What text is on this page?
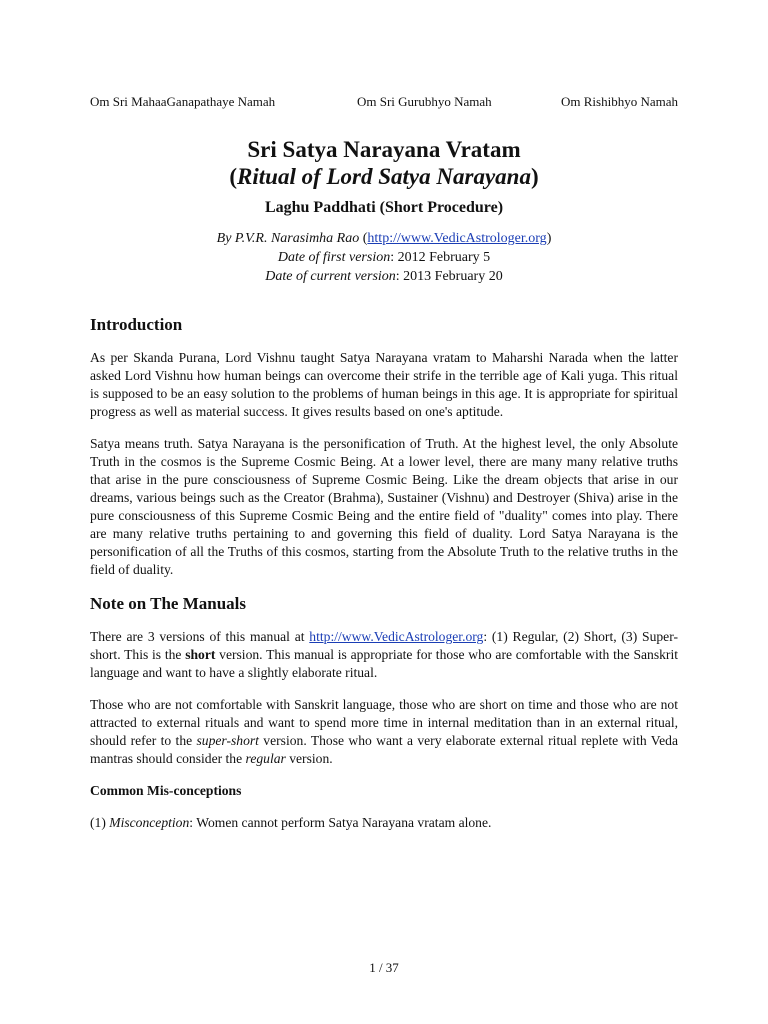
Om Sri MahaaGanapathaye Namah	Om Sri Gurubhyo Namah	Om Rishibhyo Namah
Sri Satya Narayana Vratam
(Ritual of Lord Satya Narayana)
Laghu Paddhati (Short Procedure)
By P.V.R. Narasimha Rao (http://www.VedicAstrologer.org)
Date of first version: 2012 February 5
Date of current version: 2013 February 20
Introduction

As per Skanda Purana, Lord Vishnu taught Satya Narayana vratam to Maharshi Narada when the latter asked Lord Vishnu how human beings can overcome their strife in the terrible age of Kali yuga. This ritual is supposed to be an easy solution to the problems of human beings in this age. It is appropriate for spiritual progress as well as material success. It gives results based on one's aptitude.

Satya means truth. Satya Narayana is the personification of Truth. At the highest level, the only Absolute Truth in the cosmos is the Supreme Cosmic Being. At a lower level, there are many many relative truths that arise in the pure consciousness of Supreme Cosmic Being. Like the dream objects that arise in our dreams, various beings such as the Creator (Brahma), Sustainer (Vishnu) and Destroyer (Shiva) arise in the pure consciousness of this Supreme Cosmic Being and the entire field of "duality" comes into play. There are many relative truths pertaining to and governing this field of duality. Lord Satya Narayana is the personification of all the Truths of this cosmos, starting from the Absolute Truth to the relative truths in the field of duality.

Note on The Manuals

There are 3 versions of this manual at http://www.VedicAstrologer.org: (1) Regular, (2) Short, (3) Super-short. This is the short version. This manual is appropriate for those who are comfortable with the Sanskrit language and want to have a slightly elaborate ritual.

Those who are not comfortable with Sanskrit language, those who are short on time and those who are not attracted to external rituals and want to spend more time in internal meditation than in an external ritual, should refer to the super-short version. Those who want a very elaborate external ritual replete with Veda mantras should consider the regular version.

Common Mis-conceptions

(1) Misconception: Women cannot perform Satya Narayana vratam alone.

1 / 37
